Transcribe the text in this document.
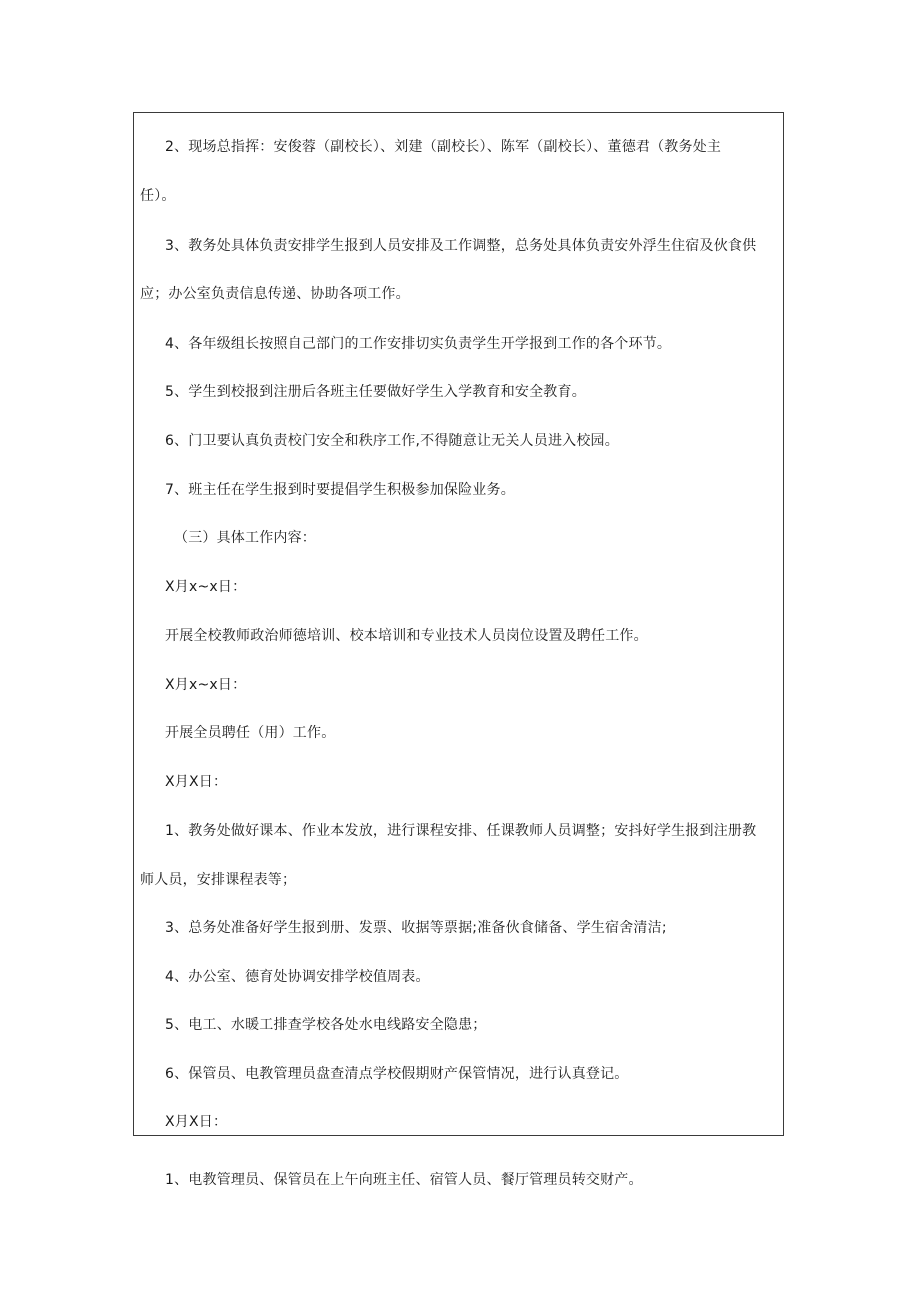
2、现场总指挥：安俊蓉（副校长）、刘建（副校长）、陈军（副校长）、董德君（教务处主
任）。
3、教务处具体负责安排学生报到人员安排及工作调整，总务处具体负责安外浮生住宿及伙食供
应；办公室负责信息传递、协助各项工作。
4、各年级组长按照自己部门的工作安排切实负责学生开学报到工作的各个环节。
5、学生到校报到注册后各班主任要做好学生入学教育和安全教育。
6、门卫要认真负责校门安全和秩序工作,不得随意让无关人员进入校园。
7、班主任在学生报到时要提倡学生积极参加保险业务。
（三）具体工作内容：
X月x~x日：
开展全校教师政治师德培训、校本培训和专业技术人员岗位设置及聘任工作。
X月x~x日：
开展全员聘任（用）工作。
X月X日：
1、教务处做好课本、作业本发放，进行课程安排、任课教师人员调整；安抖好学生报到注册教
师人员，安排课程表等；
3、总务处准备好学生报到册、发票、收据等票据;准备伙食储备、学生宿舍清洁;
4、办公室、德育处协调安排学校值周表。
5、电工、水暖工排查学校各处水电线路安全隐患；
6、保管员、电教管理员盘查清点学校假期财产保管情况，进行认真登记。
X月X日：
1、电教管理员、保管员在上午向班主任、宿管人员、餐厅管理员转交财产。
